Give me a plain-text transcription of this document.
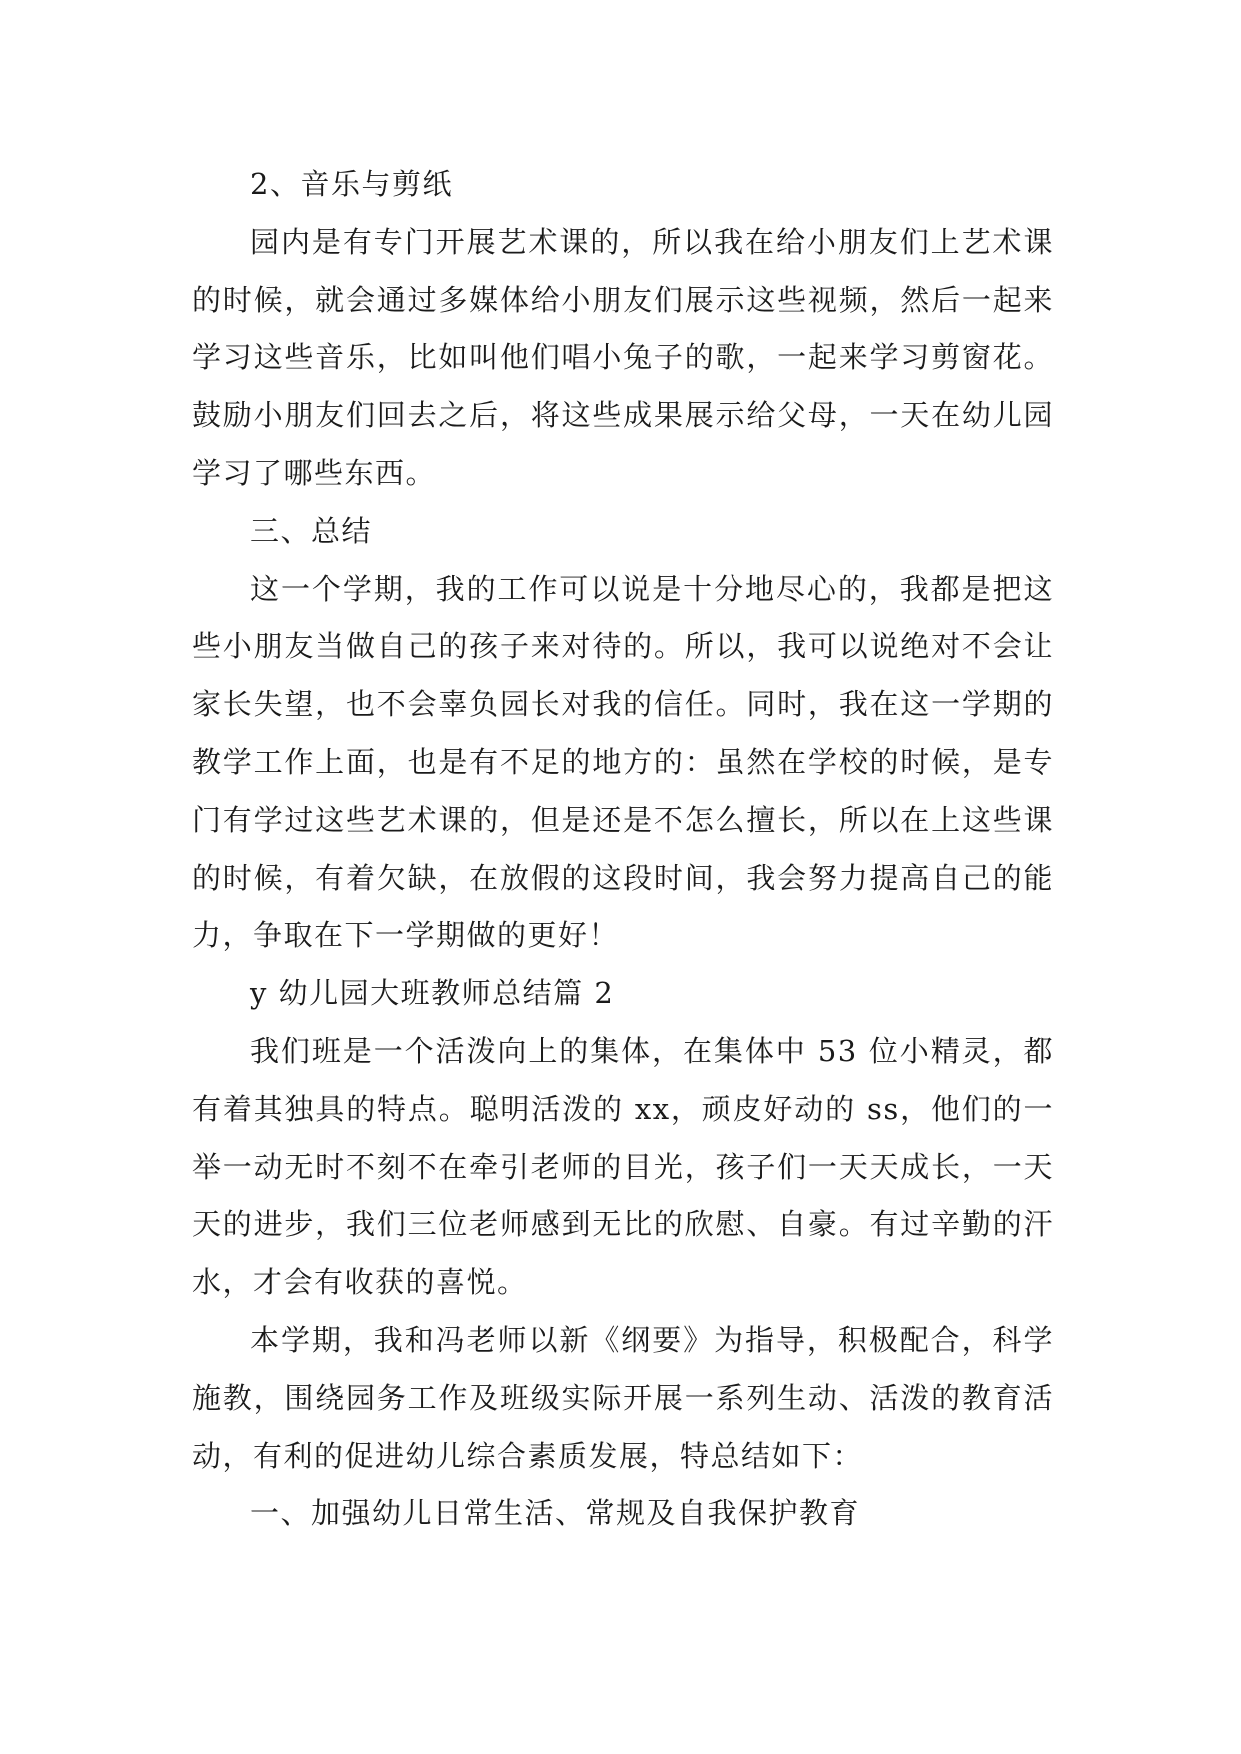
2、音乐与剪纸

园内是有专门开展艺术课的，所以我在给小朋友们上艺术课的时候，就会通过多媒体给小朋友们展示这些视频，然后一起来学习这些音乐，比如叫他们唱小兔子的歌，一起来学习剪窗花。鼓励小朋友们回去之后，将这些成果展示给父母，一天在幼儿园学习了哪些东西。

三、总结

这一个学期，我的工作可以说是十分地尽心的，我都是把这些小朋友当做自己的孩子来对待的。所以，我可以说绝对不会让家长失望，也不会辜负园长对我的信任。同时，我在这一学期的教学工作上面，也是有不足的地方的：虽然在学校的时候，是专门有学过这些艺术课的，但是还是不怎么擅长，所以在上这些课的时候，有着欠缺，在放假的这段时间，我会努力提高自己的能力，争取在下一学期做的更好！

y 幼儿园大班教师总结篇 2

我们班是一个活泼向上的集体，在集体中 53 位小精灵，都有着其独具的特点。聪明活泼的 xx，顽皮好动的 ss，他们的一举一动无时不刻不在牵引老师的目光，孩子们一天天成长，一天天的进步，我们三位老师感到无比的欣慰、自豪。有过辛勤的汗水，才会有收获的喜悦。

本学期，我和冯老师以新《纲要》为指导，积极配合，科学施教，围绕园务工作及班级实际开展一系列生动、活泼的教育活动，有利的促进幼儿综合素质发展，特总结如下：

一、加强幼儿日常生活、常规及自我保护教育
